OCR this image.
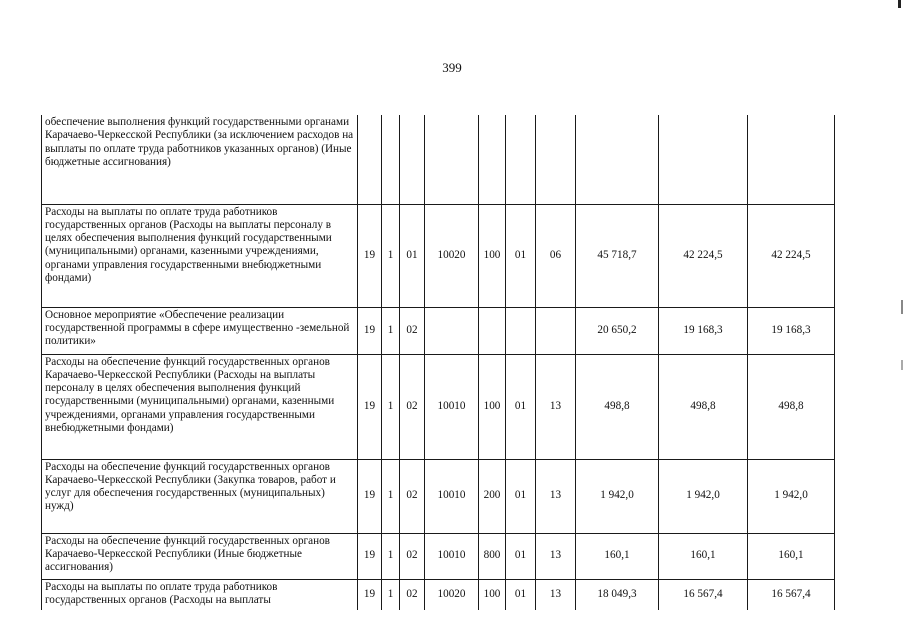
399
обеспечение выполнения функций государственными органами Карачаево-Черкесской Республики (за исключением расходов на выплаты по оплате труда работников указанных органов) (Иные бюджетные ассигнования)										
Расходы на выплаты по оплате труда работников государственных органов (Расходы на выплаты персоналу в целях обеспечения выполнения функций государственными (муниципальными) органами, казенными учреждениями, органами управления государственными внебюджетными фондами)	19	1	01	10020	100	01	06	45 718,7	42 224,5	42 224,5
Основное мероприятие «Обеспечение реализации государственной программы в сфере имущественно -земельной политики»	19	1	02					20 650,2	19 168,3	19 168,3
Расходы на обеспечение функций государственных органов Карачаево-Черкесской Республики (Расходы на выплаты персоналу в целях обеспечения выполнения функций государственными (муниципальными) органами, казенными учреждениями, органами управления государственными внебюджетными фондами)	19	1	02	10010	100	01	13	498,8	498,8	498,8
Расходы на обеспечение функций государственных органов Карачаево-Черкесской Республики (Закупка товаров, работ и услуг для обеспечения государственных (муниципальных) нужд)	19	1	02	10010	200	01	13	1 942,0	1 942,0	1 942,0
Расходы на обеспечение функций государственных органов Карачаево-Черкесской Республики (Иные бюджетные ассигнования)	19	1	02	10010	800	01	13	160,1	160,1	160,1
Расходы на выплаты по оплате труда работников государственных органов (Расходы на выплаты	19	1	02	10020	100	01	13	18 049,3	16 567,4	16 567,4
